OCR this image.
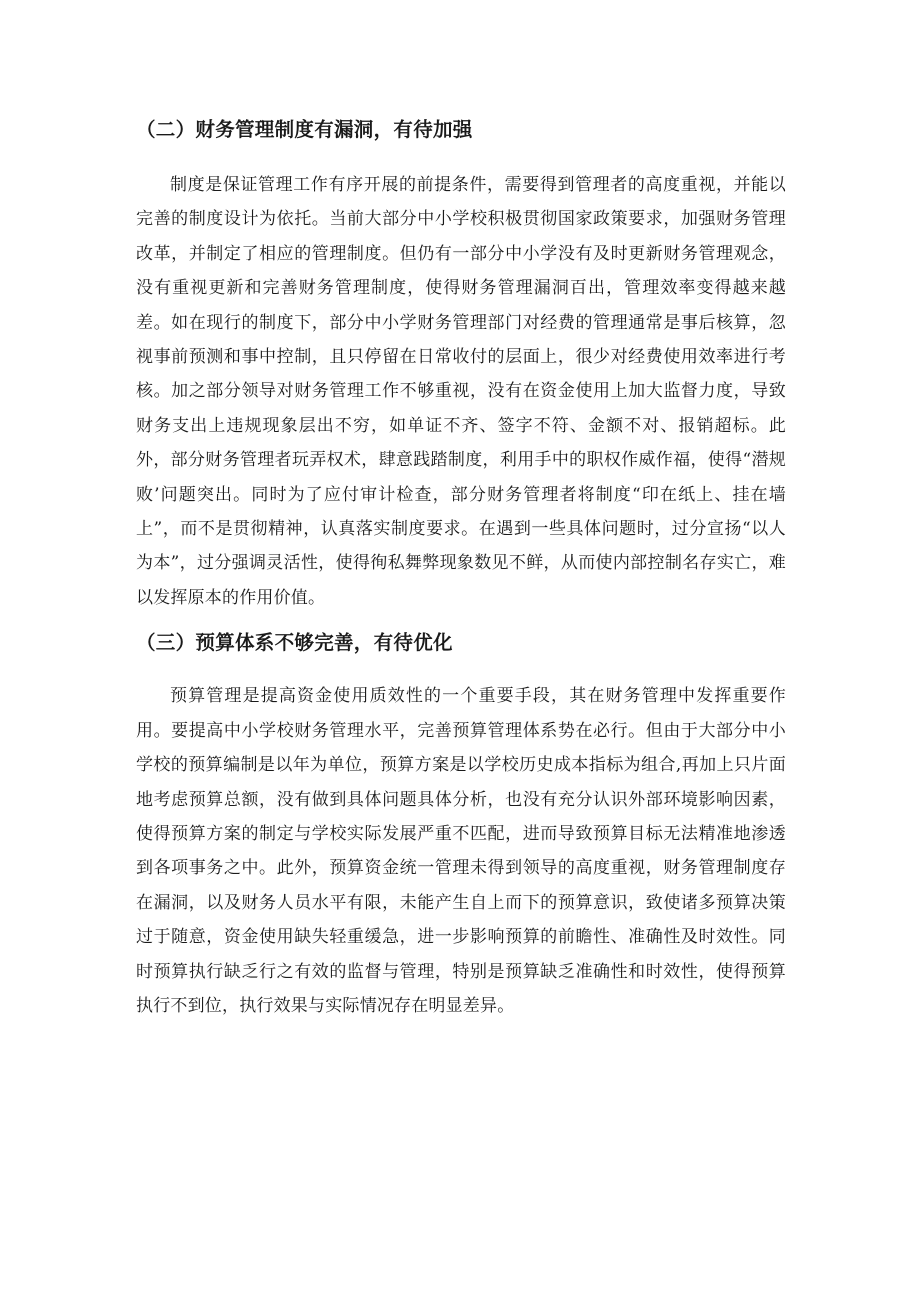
（二）财务管理制度有漏洞，有待加强

制度是保证管理工作有序开展的前提条件，需要得到管理者的高度重视，并能以完善的制度设计为依托。当前大部分中小学校积极贯彻国家政策要求，加强财务管理改革，并制定了相应的管理制度。但仍有一部分中小学没有及时更新财务管理观念，没有重视更新和完善财务管理制度，使得财务管理漏洞百出，管理效率变得越来越差。如在现行的制度下，部分中小学财务管理部门对经费的管理通常是事后核算，忽视事前预测和事中控制，且只停留在日常收付的层面上，很少对经费使用效率进行考核。加之部分领导对财务管理工作不够重视，没有在资金使用上加大监督力度，导致财务支出上违规现象层出不穷，如单证不齐、签字不符、金额不对、报销超标。此外，部分财务管理者玩弄权术，肆意践踏制度，利用手中的职权作威作福，使得“潜规败’问题突出。同时为了应付审计检查，部分财务管理者将制度“印在纸上、挂在墙上”，而不是贯彻精神，认真落实制度要求。在遇到一些具体问题时，过分宣扬“以人为本”，过分强调灵活性，使得徇私舞弊现象数见不鲜，从而使内部控制名存实亡，难以发挥原本的作用价值。

（三）预算体系不够完善，有待优化

预算管理是提高资金使用质效性的一个重要手段，其在财务管理中发挥重要作用。要提高中小学校财务管理水平，完善预算管理体系势在必行。但由于大部分中小学校的预算编制是以年为单位，预算方案是以学校历史成本指标为组合,再加上只片面地考虑预算总额，没有做到具体问题具体分析，也没有充分认识外部环境影响因素，使得预算方案的制定与学校实际发展严重不匹配，进而导致预算目标无法精准地渗透到各项事务之中。此外，预算资金统一管理未得到领导的高度重视，财务管理制度存在漏洞，以及财务人员水平有限，未能产生自上而下的预算意识，致使诸多预算决策过于随意，资金使用缺失轻重缓急，进一步影响预算的前瞻性、准确性及时效性。同时预算执行缺乏行之有效的监督与管理，特别是预算缺乏准确性和时效性，使得预算执行不到位，执行效果与实际情况存在明显差异。
